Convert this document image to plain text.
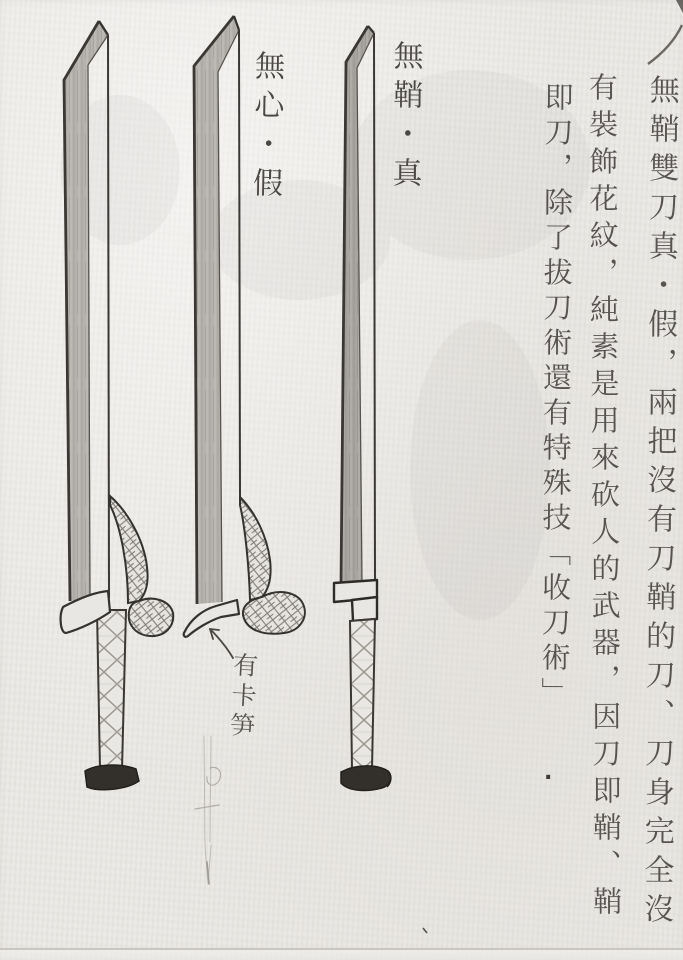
無心・假	無鞘・真
有卡笋	無鞘雙刀真・假，兩把沒有刀鞘的刀、刀身完全沒
有裝飾花紋，純素是用來砍人的武器，因刀即鞘、鞘
即刀，除了拔刀術還有特殊技「收刀術」
.
